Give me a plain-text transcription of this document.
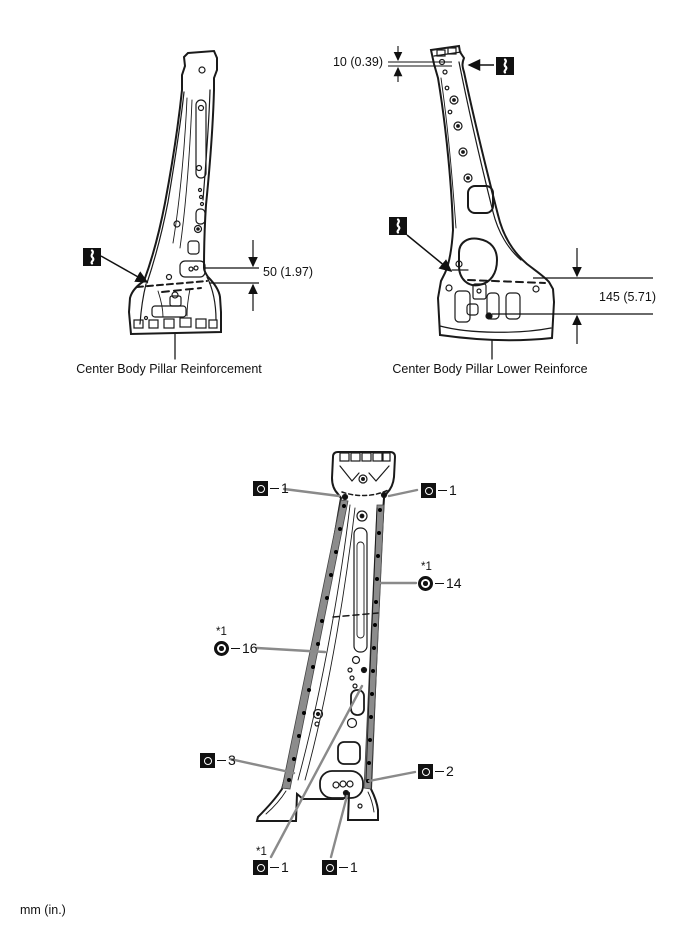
50 (1.97)
10 (0.39)
145 (5.71)
Center Body Pillar Reinforcement	Center Body Pillar Lower Reinforce
1	1
*1
14
*1
16
3
2
*1
1	1
mm (in.)
